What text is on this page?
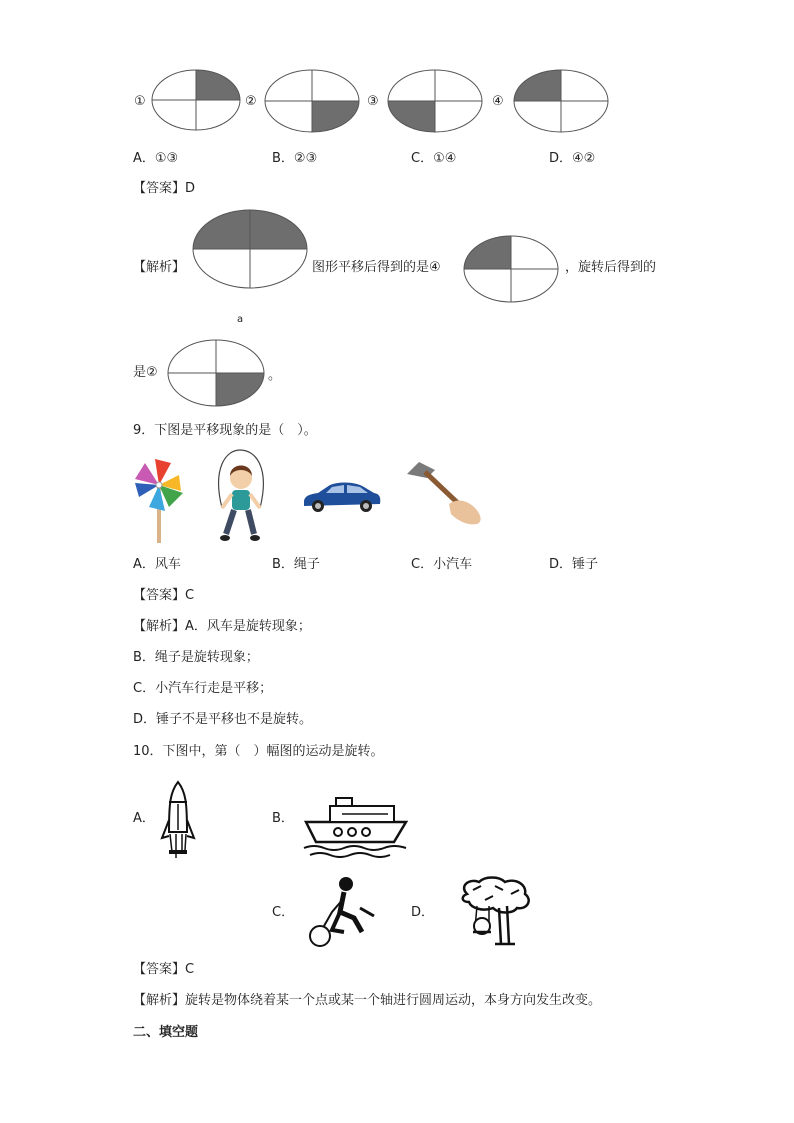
①	②	③	④
A．①③	B．②③	C．①④	D．④②
【答案】D
【解析】	图形平移后得到的是④	，旋转后得到的
a
是②	。
9．下图是平移现象的是（　）。
A．风车	B．绳子	C．小汽车	D．锤子
【答案】C
【解析】A．风车是旋转现象；
B．绳子是旋转现象；
C．小汽车行走是平移；
D．锤子不是平移也不是旋转。
10．下图中，第（　）幅图的运动是旋转。
A．	B．
C．	D．
【答案】C
【解析】旋转是物体绕着某一个点或某一个轴进行圆周运动，本身方向发生改变。
二、填空题
